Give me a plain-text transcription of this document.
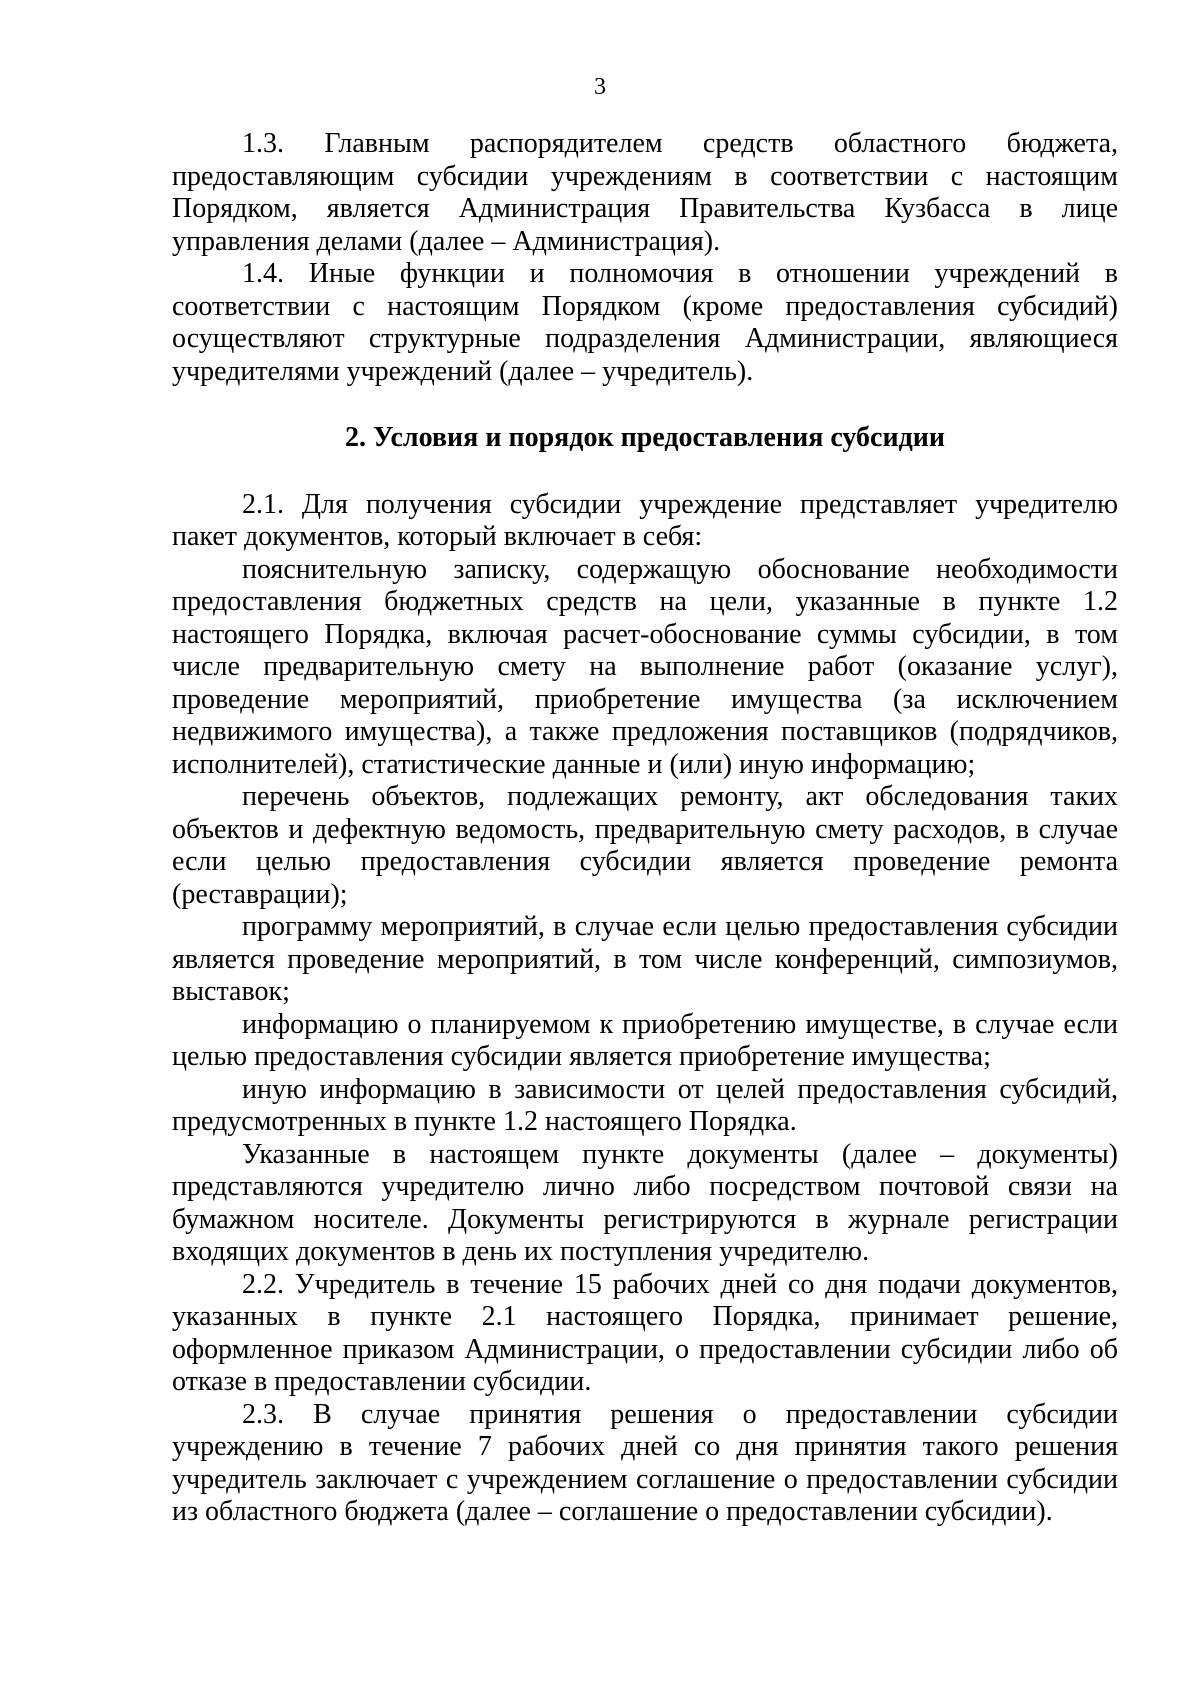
3

1.3. Главным распорядителем средств областного бюджета, предоставляющим субсидии учреждениям в соответствии с настоящим Порядком, является Администрация Правительства Кузбасса в лице управления делами (далее – Администрация).

1.4. Иные функции и полномочия в отношении учреждений в соответствии с настоящим Порядком (кроме предоставления субсидий) осуществляют структурные подразделения Администрации, являющиеся учредителями учреждений (далее – учредитель).

2. Условия и порядок предоставления субсидии

2.1. Для получения субсидии учреждение представляет учредителю пакет документов, который включает в себя:

пояснительную записку, содержащую обоснование необходимости предоставления бюджетных средств на цели, указанные в пункте 1.2 настоящего Порядка, включая расчет-обоснование суммы субсидии, в том числе предварительную смету на выполнение работ (оказание услуг), проведение мероприятий, приобретение имущества (за исключением недвижимого имущества), а также предложения поставщиков (подрядчиков, исполнителей), статистические данные и (или) иную информацию;

перечень объектов, подлежащих ремонту, акт обследования таких объектов и дефектную ведомость, предварительную смету расходов, в случае если целью предоставления субсидии является проведение ремонта (реставрации);

программу мероприятий, в случае если целью предоставления субсидии является проведение мероприятий, в том числе конференций, симпозиумов, выставок;

информацию о планируемом к приобретению имуществе, в случае если целью предоставления субсидии является приобретение имущества;

иную информацию в зависимости от целей предоставления субсидий, предусмотренных в пункте 1.2 настоящего Порядка.

Указанные в настоящем пункте документы (далее – документы) представляются учредителю лично либо посредством почтовой связи на бумажном носителе. Документы регистрируются в журнале регистрации входящих документов в день их поступления учредителю.

2.2. Учредитель в течение 15 рабочих дней со дня подачи документов, указанных в пункте 2.1 настоящего Порядка, принимает решение, оформленное приказом Администрации, о предоставлении субсидии либо об отказе в предоставлении субсидии.

2.3. В случае принятия решения о предоставлении субсидии учреждению в течение 7 рабочих дней со дня принятия такого решения учредитель заключает с учреждением соглашение о предоставлении субсидии из областного бюджета (далее – соглашение о предоставлении субсидии).
